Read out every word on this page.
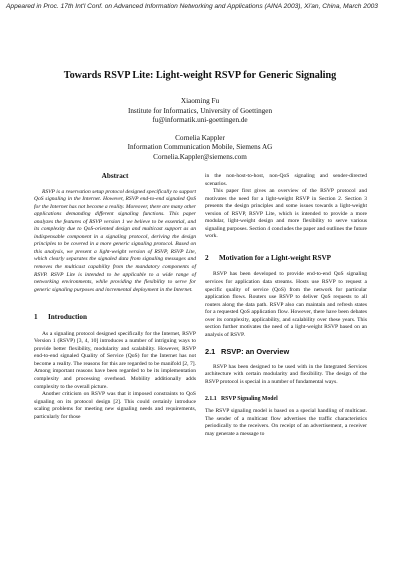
Appeared in Proc. 17th Int'l Conf. on Advanced Information Networking and Applications (AINA 2003), Xi'an, China, March 2003
Towards RSVP Lite: Light-weight RSVP for Generic Signaling
Xiaoming Fu
Institute for Informatics, University of Goettingen
fu@informatik.uni-goettingen.de
Cornelia Kappler
Information Communication Mobile, Siemens AG
Cornelia.Kappler@siemens.com
Abstract

RSVP is a reservation setup protocol designed specifically to support QoS signaling in the Internet. However, RSVP end-to-end signaled QoS for the Internet has not become a reality. Moreover, there are many other applications demanding different signaling functions. This paper analyzes the features of RSVP version 1 we believe to be essential, and its complexity due to QoS-oriented design and multicast support as an indispensable component in a signaling protocol, deriving the design principles to be covered in a more generic signaling protocol. Based on this analysis, we present a light-weight version of RSVP, RSVP Lite, which clearly separates the signaled data from signaling messages and removes the multicast capability from the mandatory components of RSVP. RSVP Lite is intended to be applicable to a wide range of networking environments, while providing the flexibility to serve for generic signaling purposes and incremental deployment in the Internet.

1 Introduction

As a signaling protocol designed specifically for the Internet, RSVP Version 1 (RSVP) [3, 4, 10] introduces a number of intriguing ways to provide better flexibility, modularity and scalability. However, RSVP end-to-end signaled Quality of Service (QoS) for the Internet has not become a reality. The reasons for this are regarded to be manifold [2, 7]. Among important reasons have been regarded to be its implementation complexity and processing overhead. Mobility additionally adds complexity to the overall picture.

Another criticism on RSVP was that it imposed constraints to QoS signaling on its protocol design [2]. This could certainly introduce scaling problems for meeting new signaling needs and requirements, particularly for those

in the non-host-to-host, non-QoS signaling and sender-directed scenarios.

This paper first gives an overview of the RSVP protocol and motivates the need for a light-weight RSVP in Section 2. Section 3 presents the design principles and some issues towards a light-weight version of RSVP, RSVP Lite, which is intended to provide a more modular, light-weight design and more flexibility to serve various signaling purposes. Section 4 concludes the paper and outlines the future work.

2 Motivation for a Light-weight RSVP

RSVP has been developed to provide end-to-end QoS signaling services for application data streams. Hosts use RSVP to request a specific quality of service (QoS) from the network for particular application flows. Routers use RSVP to deliver QoS requests to all routers along the data path. RSVP also can maintain and refresh states for a requested QoS application flow. However, there have been debates over its complexity, applicability, and scalability over these years. This section further motivates the need of a light-weight RSVP based on an analysis of RSVP.

2.1 RSVP: an Overview

RSVP has been designed to be used with in the Integrated Services architecture with certain modularity and flexibility. The design of the RSVP protocol is special in a number of fundamental ways.

2.1.1 RSVP Signaling Model

The RSVP signaling model is based on a special handling of multicast. The sender of a multicast flow advertises the traffic characteristics periodically to the receivers. On receipt of an advertisement, a receiver may generate a message to
